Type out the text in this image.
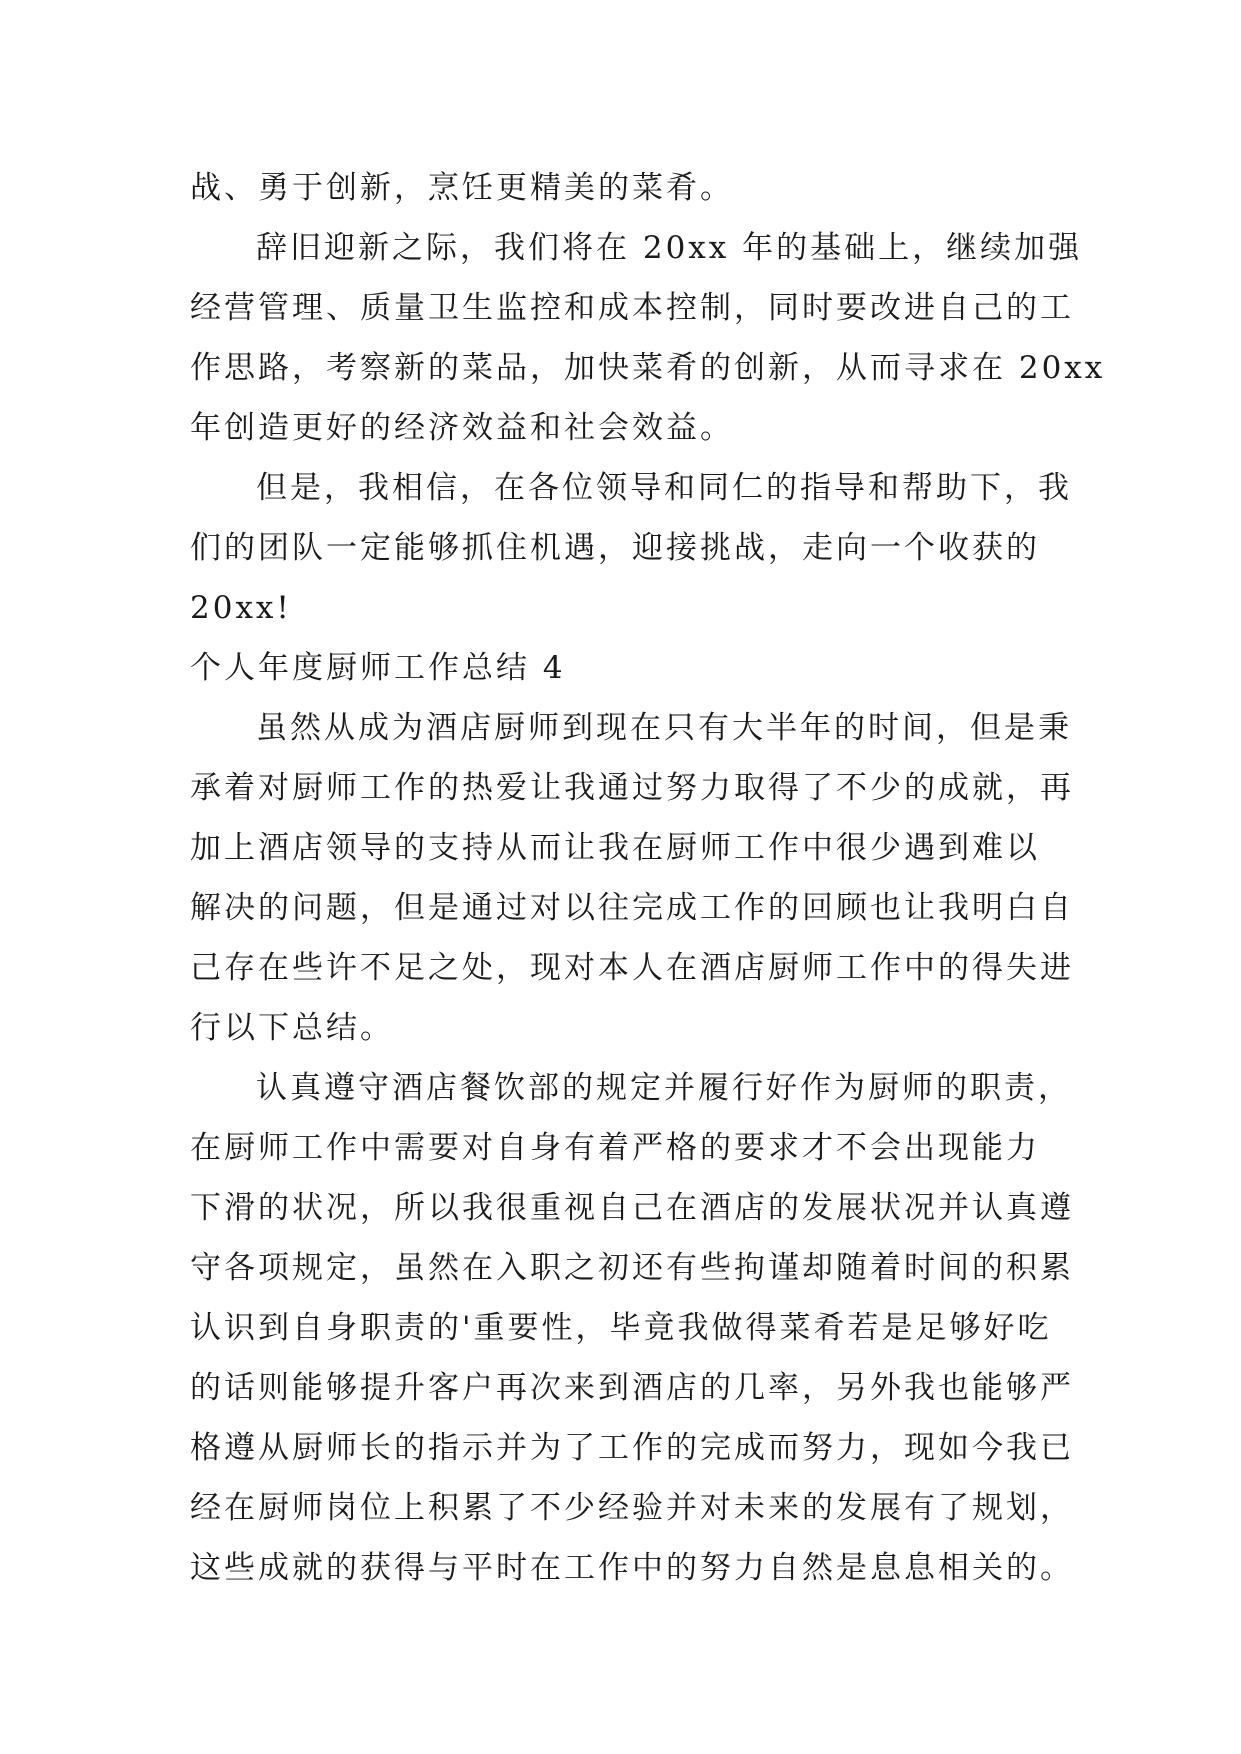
战、勇于创新，烹饪更精美的菜肴。
辞旧迎新之际，我们将在 20xx 年的基础上，继续加强
经营管理、质量卫生监控和成本控制，同时要改进自己的工
作思路，考察新的菜品，加快菜肴的创新，从而寻求在 20xx
年创造更好的经济效益和社会效益。
但是，我相信，在各位领导和同仁的指导和帮助下，我
们的团队一定能够抓住机遇，迎接挑战，走向一个收获的
20xx!
个人年度厨师工作总结 4
虽然从成为酒店厨师到现在只有大半年的时间，但是秉
承着对厨师工作的热爱让我通过努力取得了不少的成就，再
加上酒店领导的支持从而让我在厨师工作中很少遇到难以
解决的问题，但是通过对以往完成工作的回顾也让我明白自
己存在些许不足之处，现对本人在酒店厨师工作中的得失进
行以下总结。
认真遵守酒店餐饮部的规定并履行好作为厨师的职责，
在厨师工作中需要对自身有着严格的要求才不会出现能力
下滑的状况，所以我很重视自己在酒店的发展状况并认真遵
守各项规定，虽然在入职之初还有些拘谨却随着时间的积累
认识到自身职责的'重要性，毕竟我做得菜肴若是足够好吃
的话则能够提升客户再次来到酒店的几率，另外我也能够严
格遵从厨师长的指示并为了工作的完成而努力，现如今我已
经在厨师岗位上积累了不少经验并对未来的发展有了规划，
这些成就的获得与平时在工作中的努力自然是息息相关的。
